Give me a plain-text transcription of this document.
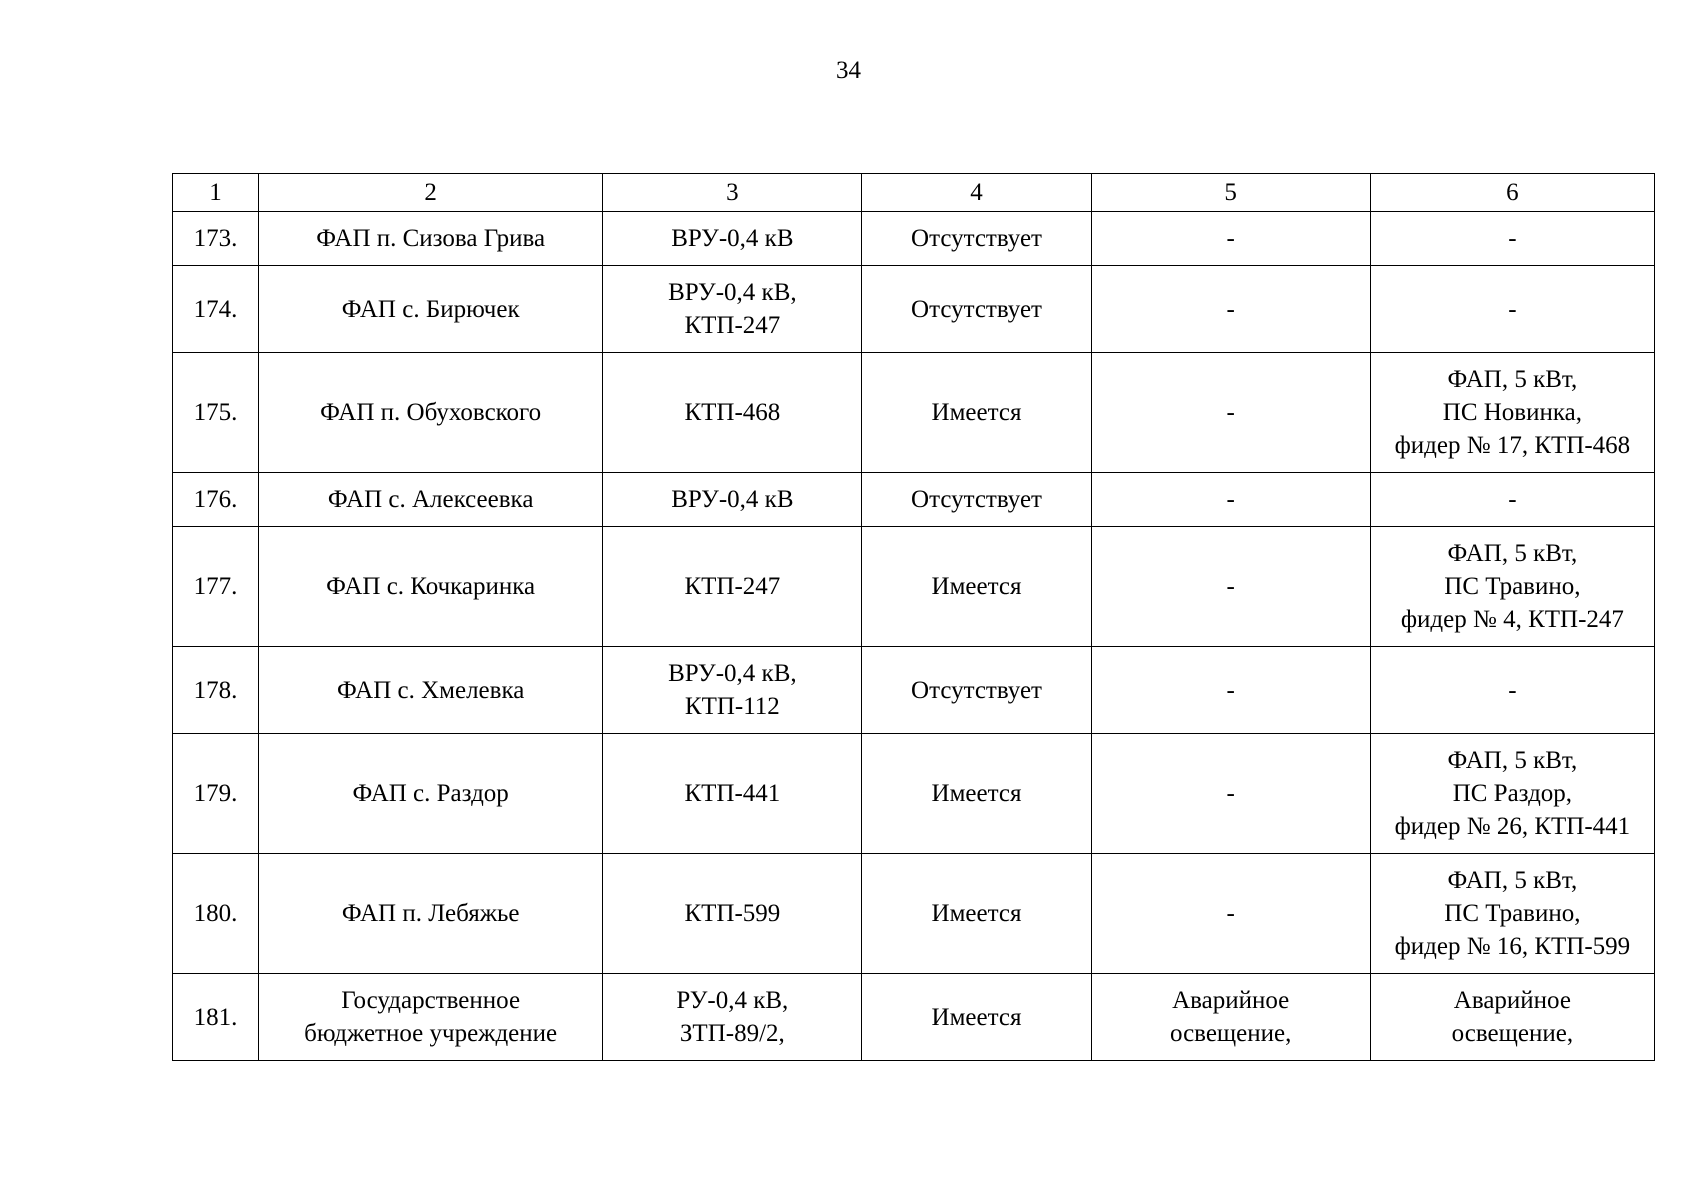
34
1	2	3	4	5	6
173.	ФАП п. Сизова Грива	ВРУ-0,4 кВ	Отсутствует	-	-

174.	ФАП с. Бирючек	ВРУ-0,4 кВ,
КТП-247	Отсутствует	-	-

175.	ФАП п. Обуховского	КТП-468	Имеется	-	ФАП, 5 кВт,
ПС Новинка,
фидер № 17, КТП-468

176.	ФАП с. Алексеевка	ВРУ-0,4 кВ	Отсутствует	-	-

177.	ФАП с. Кочкаринка	КТП-247	Имеется	-	ФАП, 5 кВт,
ПС Травино,
фидер № 4, КТП-247

178.	ФАП с. Хмелевка	ВРУ-0,4 кВ,
КТП-112	Отсутствует	-	-

179.	ФАП с. Раздор	КТП-441	Имеется	-	ФАП, 5 кВт,
ПС Раздор,
фидер № 26, КТП-441

180.	ФАП п. Лебяжье	КТП-599	Имеется	-	ФАП, 5 кВт,
ПС Травино,
фидер № 16, КТП-599

181.	Государственное
бюджетное учреждение	РУ-0,4 кВ,
ЗТП-89/2,	Имеется	Аварийное
освещение,	Аварийное
освещение,
